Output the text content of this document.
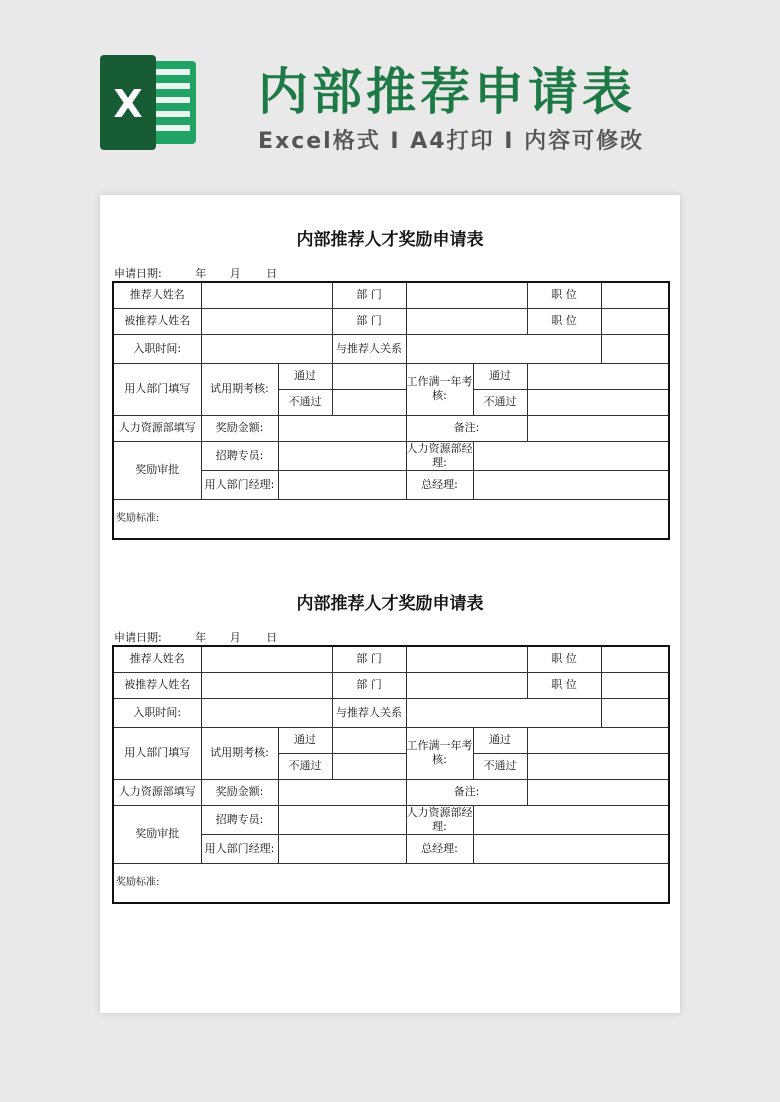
X 内部推荐申请表
Excel格式 I A4打印 I 内容可修改
内部推荐人才奖励申请表
申请日期:	年 月 日
推荐人姓名			部 门			职 位	
被推荐人姓名			部 门			职 位	
入职时间:			与推荐人关系				
用人部门填写	试用期考核:	通过		工作满一年考核:	通过		
		不通过			不通过		
人力资源部填写	奖励金额:			备注:			
奖励审批	招聘专员:			人力资源部经理:			
	用人部门经理:			总经理:			
奖励标准:							
内部推荐人才奖励申请表
申请日期:	年 月 日
推荐人姓名			部 门			职 位	
被推荐人姓名			部 门			职 位	
入职时间:			与推荐人关系				
用人部门填写	试用期考核:	通过		工作满一年考核:	通过		
		不通过			不通过		
人力资源部填写	奖励金额:			备注:			
奖励审批	招聘专员:			人力资源部经理:			
	用人部门经理:			总经理:			
奖励标准:							
